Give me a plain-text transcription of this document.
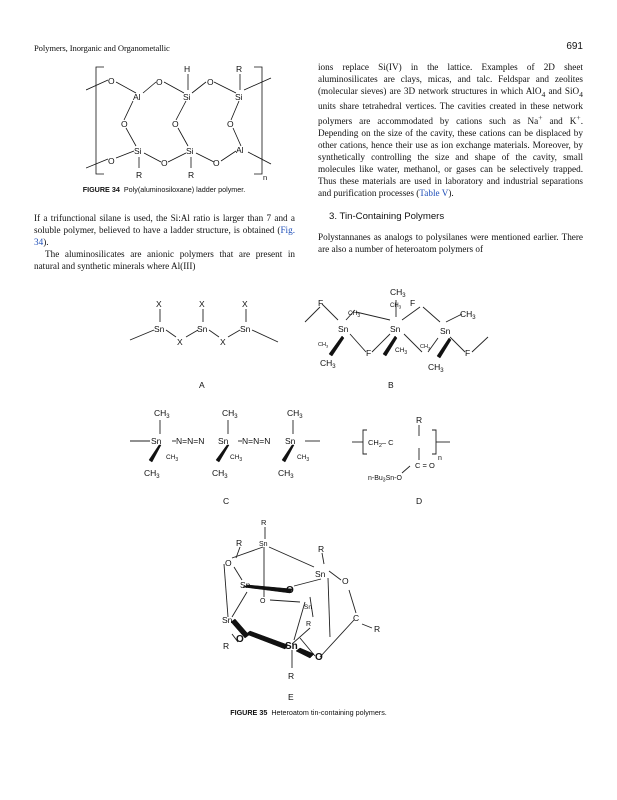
Polymers, Inorganic and Organometallic	691
O
Al
O
H
Si
O
R
Si
O	O	O
O
Si
O
Si
O
Al
R	R	n
FIGURE 34 Poly(aluminosiloxane) ladder polymer.

If a trifunctional silane is used, the Si:Al ratio is larger than 7 and a soluble polymer, believed to have a ladder structure, is obtained (Fig. 34).

The aluminosilicates are anionic polymers that are present in natural and synthetic minerals where Al(III)

ions replace Si(IV) in the lattice. Examples of 2D sheet aluminosilicates are clays, micas, and talc. Feldspar and zeolites (molecular sieves) are 3D network structures in which AlO$_4$ and SiO$_4$ units share tetrahedral vertices. The cavities created in these network polymers are accommodated by cations such as Na+ and K+. Depending on the size of the cavity, these cations can be displaced by other cations, hence their use as ion exchange materials. Moreover, by synthetically controlling the size and shape of the cavity, small molecules like water, methanol, or gases can be selectively trapped. Thus these materials are used in laboratory and industrial separations and purification processes (Table V).

3. Tin-Containing Polymers

Polystannanes as analogs to polysilanes were mentioned earlier. There are also a number of heteroatom polymers of

X	X	X
Sn	Sn	Sn
X	X
A
F	F
$CH_3$
$CH_3$
$CH_3$
$CH_3$
Sn	Sn	Sn
$CH_3$
F	$CH_3$
$CH_3$	F
$CH_3$	$CH_3$
B
$CH_3$	$CH_3$	$CH_3$
Sn N=N=N Sn N=N=N Sn
$CH_3$	$CH_3$	$CH_3$
$CH_3$	$CH_3$	$CH_3$
C
R
$CH_2-$ C
n
C = O
$n-Bu_3Sn-O$
D
R
Sn
R
R
O
Sn
Sn	O
O
O
Sn
Sn	R
C
R
O
R	Sn
O
R
E
FIGURE 35 Heteroatom tin-containing polymers.
